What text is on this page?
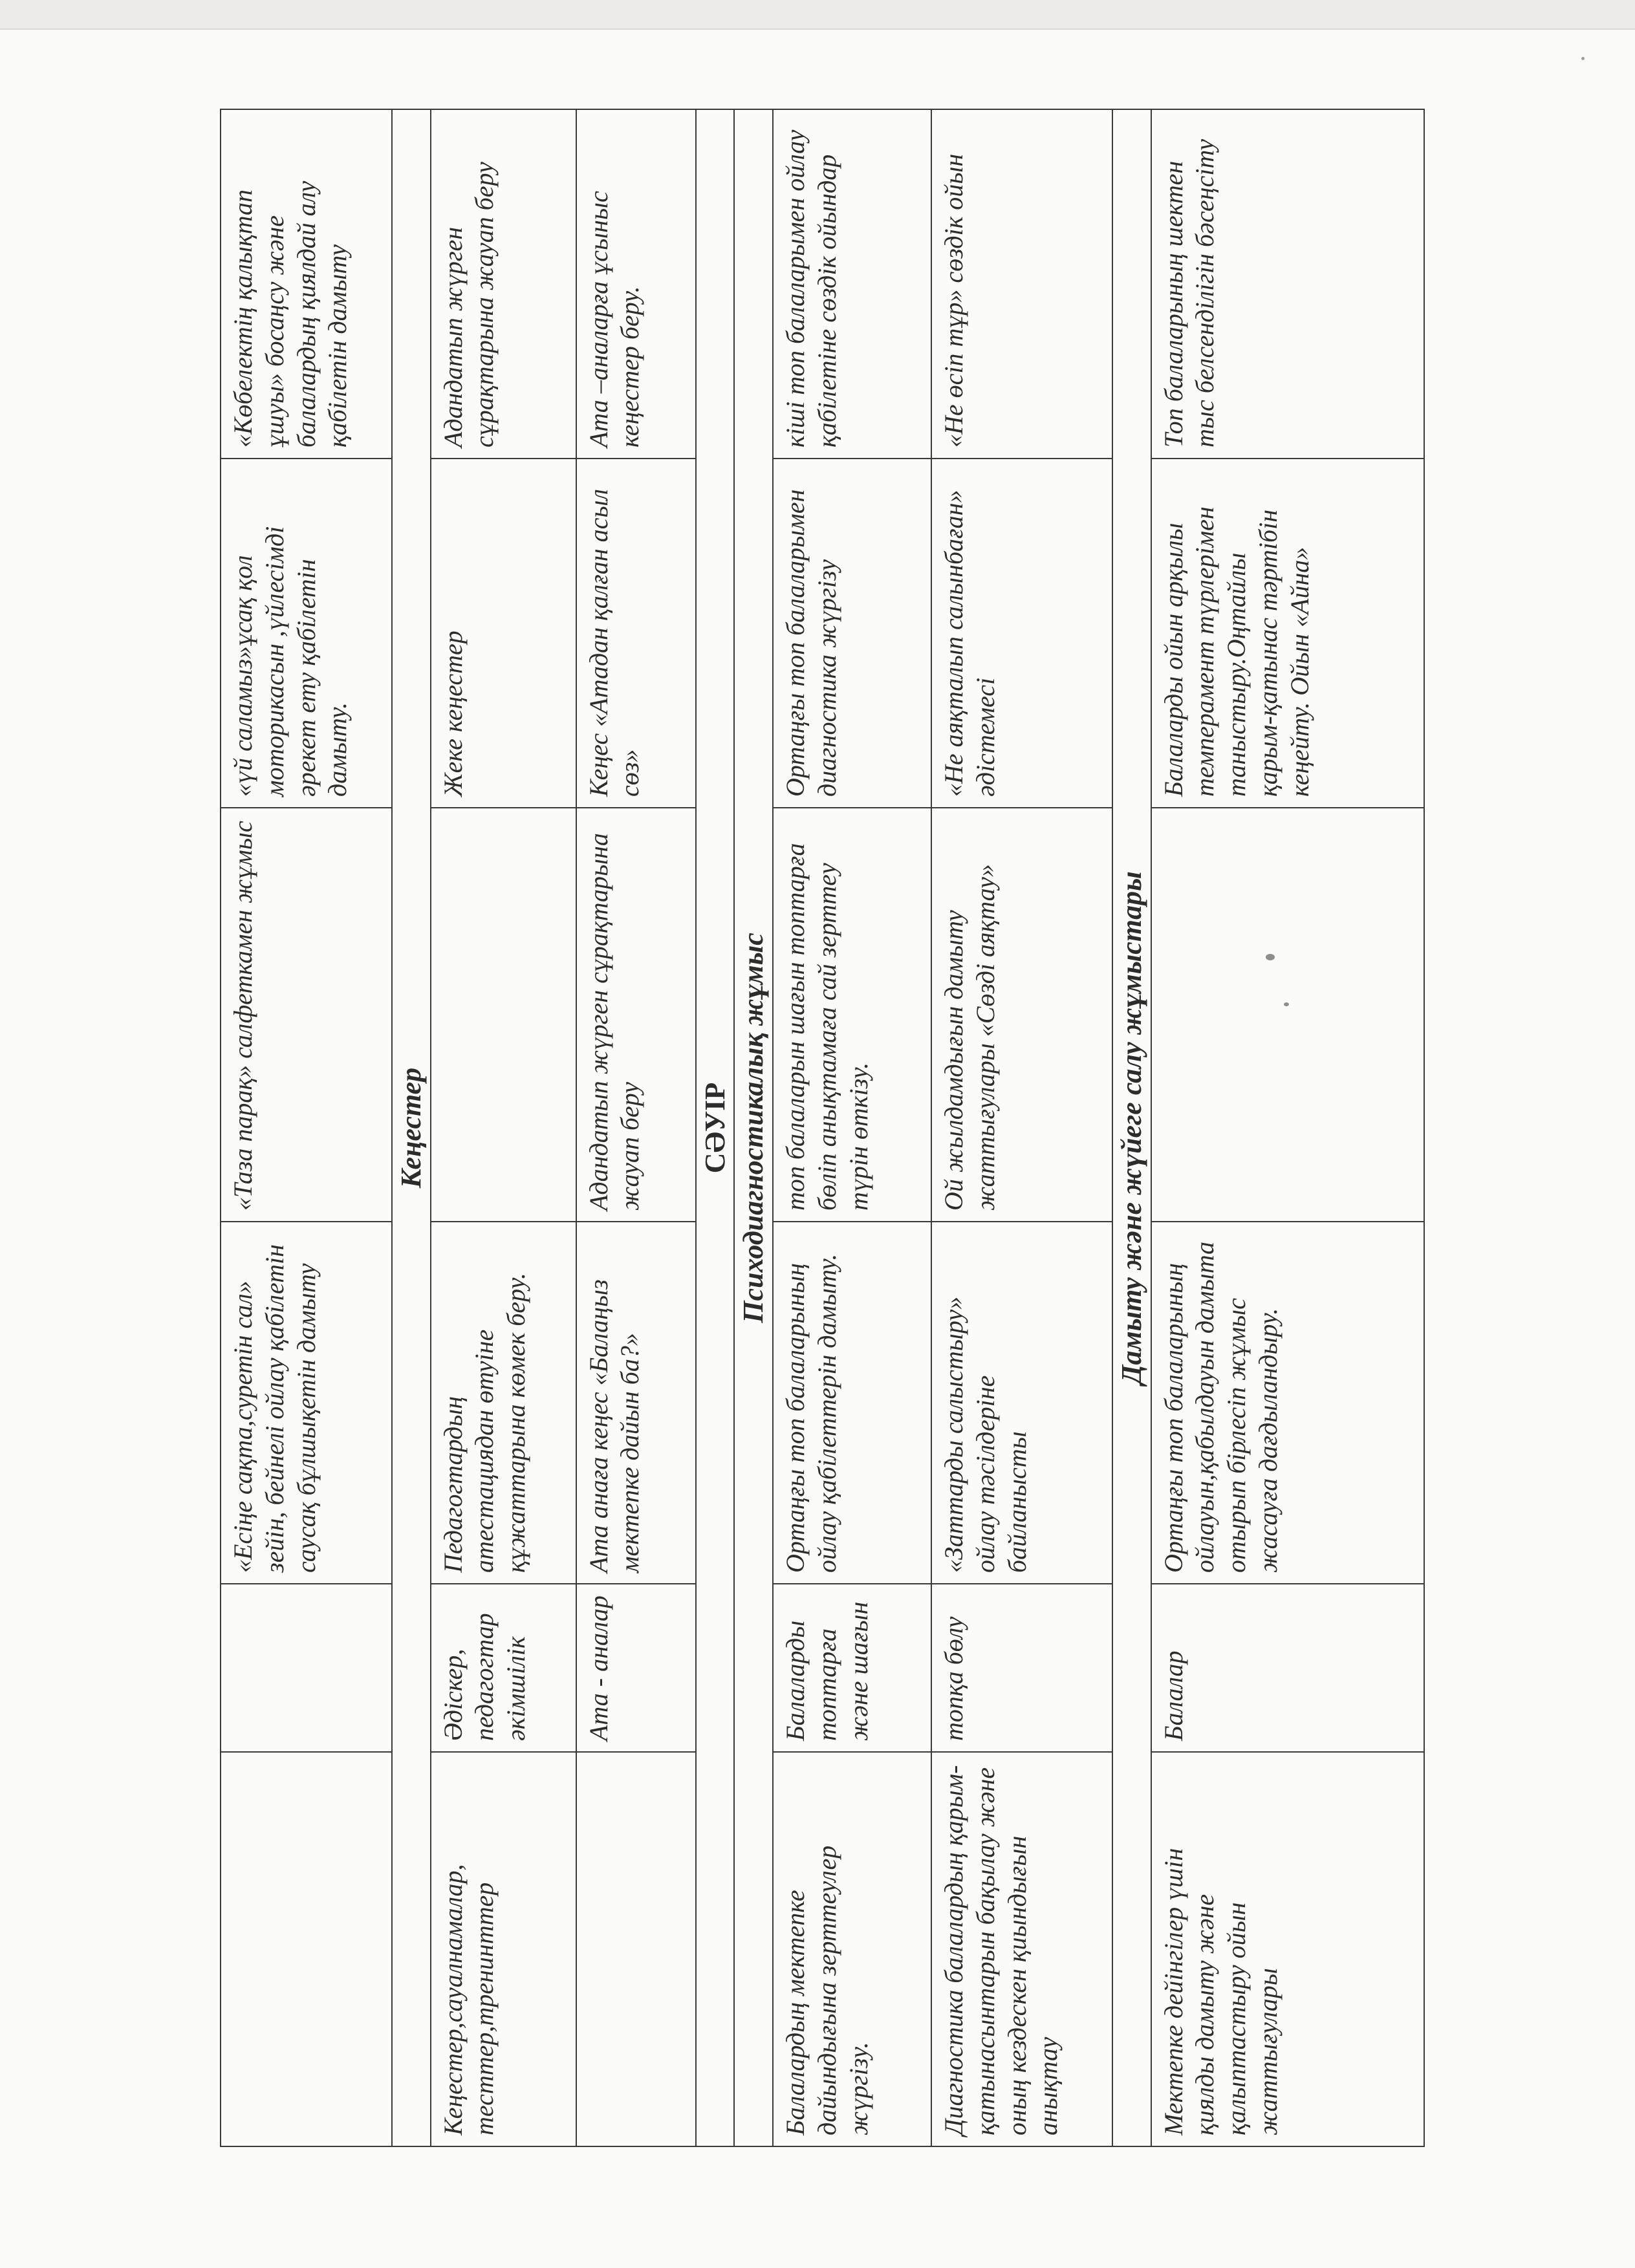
		«Есіңе сақта,суретін сал» зейін, бейнелі ойлау қабілетін саусақ бұлшықетін дамыту	«Таза парақ» салфеткамен жұмыс	«үй саламыз»ұсақ қол моторикасын ,үйлесімді әрекет ету қабілетін дамыту.	«Көбелектің қалықтап ұшуы» босаңсу және балалардың қиялдай алу қабілетін дамыту
Кеңестер					
Кеңестер,сауалнамалар, тесттер,тренинттер	Әдіскер, педагогтар әкімшілік	Педагогтардың атестациядан өтуіне құжаттарына көмек беру.		Жеке кеңестер	Адандатып жүрген сұрақтарына жауап беру
	Ата - аналар	Ата анаға кеңес «Балаңыз мектепке дайын ба?»	Адандатып жүрген сұрақтарына жауап беру	Кеңес «Атадан қалған асыл сөз»	Ата –аналарға ұсыныс кеңестер беру.
СӘУІР					
Психодиагностикалық жұмыс					
Балалардың мектепке дайындығына зерттеулер жүргізу.	Балаларды топтарға және шағын	Ортаңғы топ балаларының ойлау қабілеттерін дамыту.	топ балаларын шағын топтарға бөліп анықтамаға сай зерттеу түрін өткізу.	Ортаңғы топ балаларымен диагностика жүргізу	кіші топ балаларымен ойлау қабілетіне сөздік ойындар
Диагностика балалардың қарым-қатынасынтарын бақылау және оның кездескен қиындығын анықтау	топқа бөлу	«Заттарды салыстыру» ойлау тәсілдеріне байланысты	Ой жылдамдығын дамыту жаттығулары «Сөзді аяқтау»	«Не аяқталып салынбаған» әдістемесі	«Не өсіп тұр» сөздік ойын
Дамыту және жүйеге салу жұмыстары					
Мектепке дейінгілер үшін қиялды дамыту және қалыптастыру ойын жаттығулары	Балалар	Ортаңғы топ балаларының ойлауын,қабылдауын дамыта отырып бірлесіп жұмыс жасауға дағдыландыру.		Балаларды ойын арқылы темперамент түрлерімен таныстыру.Оңтайлы қарым-қатынас тәртібін кеңейту. Ойын «Айна»	Топ балаларының шектен тыс белсенділігін бәсеңсіту
